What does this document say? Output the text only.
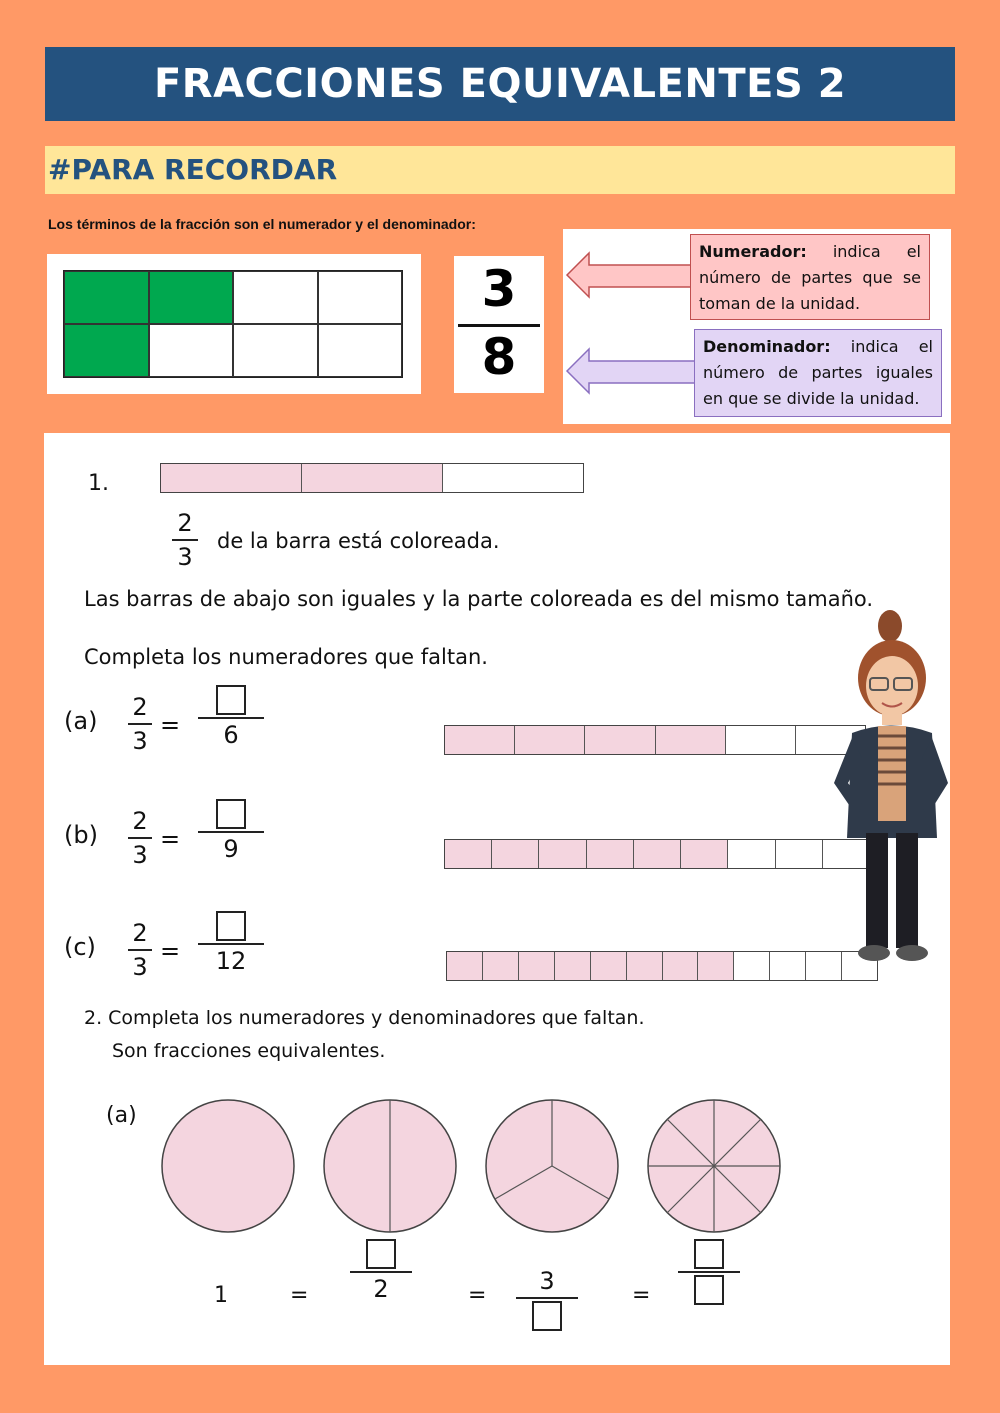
FRACCIONES EQUIVALENTES 2
#PARA RECORDAR
Los términos de la fracción son el numerador y el denominador:
3
8
Numerador: indica el número de partes que se toman de la unidad.
Denominador: indica el número de partes iguales en que se divide la unidad.
1.
2
3
de la barra está coloreada.
Las barras de abajo son iguales y la parte coloreada es del mismo tamaño.
Completa los numeradores que faltan.
(a) 2
3
=	6
(b) 2
3
=	9
(c) 2
3
=	12
2. Completa los numeradores y denominadores que faltan.
Son fracciones equivalentes.
(a)
1	=	2	=
3
=
